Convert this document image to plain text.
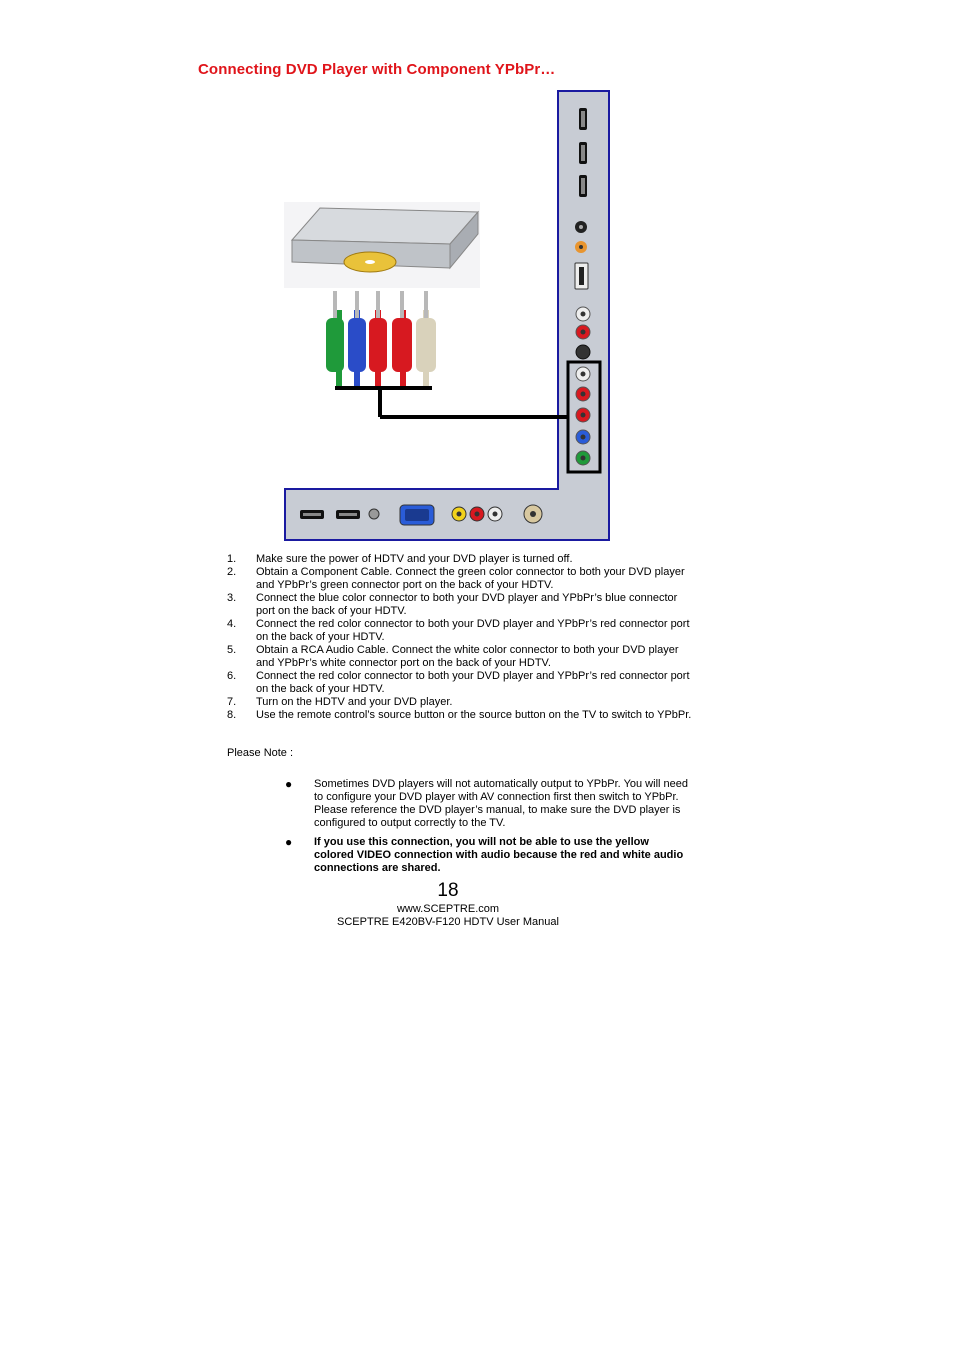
Connecting DVD Player with Component YPbPr…
1. Make sure the power of HDTV and your DVD player is turned off.
2. Obtain a Component Cable. Connect the green color connector to both your DVD player and YPbPr’s green connector port on the back of your HDTV.
3. Connect the blue color connector to both your DVD player and YPbPr’s blue connector port on the back of your HDTV.
4. Connect the red color connector to both your DVD player and YPbPr’s red connector port on the back of your HDTV.
5. Obtain a RCA Audio Cable. Connect the white color connector to both your DVD player and YPbPr’s white connector port on the back of your HDTV.
6. Connect the red color connector to both your DVD player and YPbPr’s red connector port on the back of your HDTV.
7. Turn on the HDTV and your DVD player.
8. Use the remote control’s source button or the source button on the TV to switch to YPbPr.
Please Note :
● Sometimes DVD players will not automatically output to YPbPr. You will need to configure your DVD player with AV connection first then switch to YPbPr. Please reference the DVD player’s manual, to make sure the DVD player is configured to output correctly to the TV.
● If you use this connection, you will not be able to use the yellow colored VIDEO connection with audio because the red and white audio connections are shared.
18
www.SCEPTRE.com
SCEPTRE E420BV-F120 HDTV User Manual
